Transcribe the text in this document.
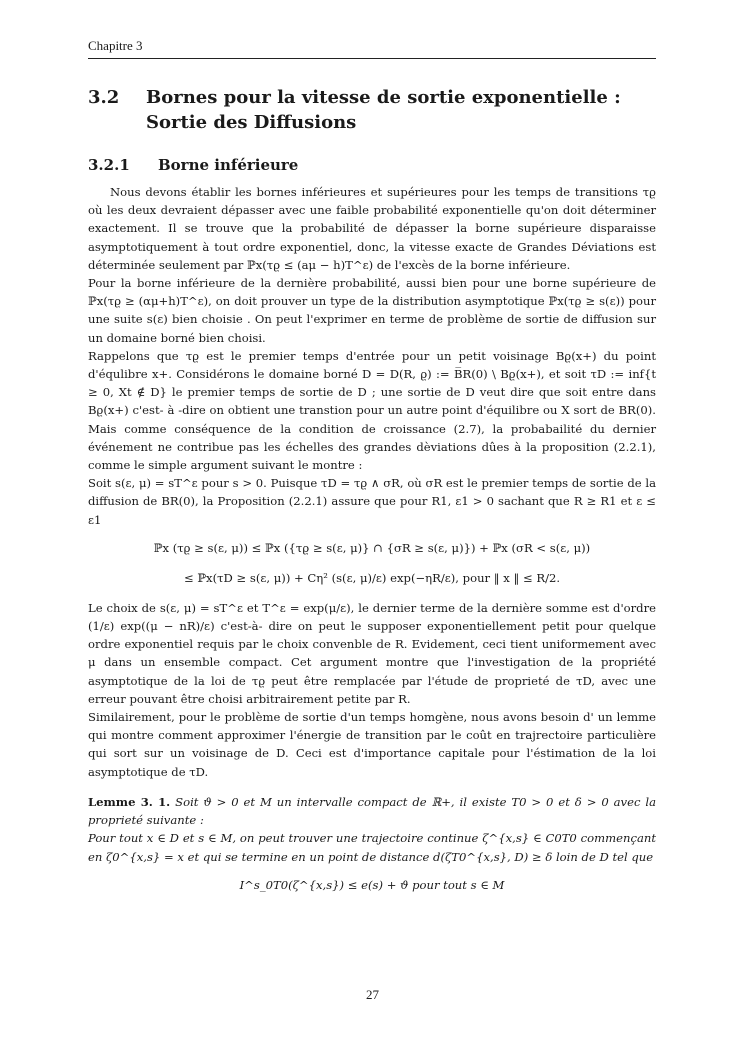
Chapitre 3
3.2	Bornes pour la vitesse de sortie exponentielle : Sortie des Diffusions
3.2.1	Borne inférieure

Nous devons établir les bornes inférieures et supérieures pour les temps de transitions τϱ où les deux devraient dépasser avec une faible probabilité exponentielle qu'on doit déterminer exactement. Il se trouve que la probabilité de dépasser la borne supérieure disparaisse asymptotiquement à tout ordre exponentiel, donc, la vitesse exacte de Grandes Déviations est déterminée seulement par ℙx(τϱ ≤ (aμ − h)T^ε) de l'excès de la borne inférieure.

Pour la borne inférieure de la dernière probabilité, aussi bien pour une borne supérieure de ℙx(τϱ ≥ (αμ+h)T^ε), on doit prouver un type de la distribution asymptotique ℙx(τϱ ≥ s(ε)) pour une suite s(ε) bien choisie . On peut l'exprimer en terme de problème de sortie de diffusion sur un domaine borné bien choisi.

Rappelons que τϱ est le premier temps d'entrée pour un petit voisinage Bϱ(x+) du point d'équlibre x+. Considérons le domaine borné D = D(R, ϱ) := B̅R(0) \ Bϱ(x+), et soit τD := inf{t ≥ 0, Xt ∉ D} le premier temps de sortie de D ; une sortie de D veut dire que soit entre dans Bϱ(x+) c'est- à -dire on obtient une transtion pour un autre point d'équilibre ou X sort de BR(0). Mais comme conséquence de la condition de croissance (2.7), la probabailité du dernier événement ne contribue pas les échelles des grandes dèviations dûes à la proposition (2.2.1), comme le simple argument suivant le montre :

Soit s(ε, μ) = sT^ε pour s > 0. Puisque τD = τϱ ∧ σR, où σR est le premier temps de sortie de la diffusion de BR(0), la Proposition (2.2.1) assure que pour R1, ε1 > 0 sachant que R ≥ R1 et ε ≤ ε1

ℙx (τϱ ≥ s(ε, μ)) ≤ ℙx ({τϱ ≥ s(ε, μ)} ∩ {σR ≥ s(ε, μ)}) + ℙx (σR < s(ε, μ))
≤ ℙx(τD ≥ s(ε, μ)) + Cη² (s(ε, μ)/ε) exp(−ηR/ε), pour ‖ x ‖ ≤ R/2.

Le choix de s(ε, μ) = sT^ε et T^ε = exp(μ/ε), le dernier terme de la dernière somme est d'ordre (1/ε) exp((μ − nR)/ε) c'est-à- dire on peut le supposer exponentiellement petit pour quelque ordre exponentiel requis par le choix convenble de R. Evidement, ceci tient uniformement avec μ dans un ensemble compact. Cet argument montre que l'investigation de la propriété asymptotique de la loi de τϱ peut être remplacée par l'étude de proprieté de τD, avec une erreur pouvant être choisi arbitrairement petite par R.

Similairement, pour le problème de sortie d'un temps homgène, nous avons besoin d' un lemme qui montre comment approximer l'énergie de transition par le coût en trajrectoire particulière qui sort sur un voisinage de D. Ceci est d'importance capitale pour l'éstimation de la loi asymptotique de τD.

Lemme 3. 1. Soit ϑ > 0 et M un intervalle compact de ℝ+, il existe T0 > 0 et δ > 0 avec la proprieté suivante :

Pour tout x ∈ D et s ∈ M, on peut trouver une trajectoire continue ζ^{x,s} ∈ C0T0 commençant en ζ0^{x,s} = x et qui se termine en un point de distance d(ζT0^{x,s}, D) ≥ δ loin de D tel que

I^s_0T0(ζ^{x,s}) ≤ e(s) + ϑ pour tout s ∈ M
27
